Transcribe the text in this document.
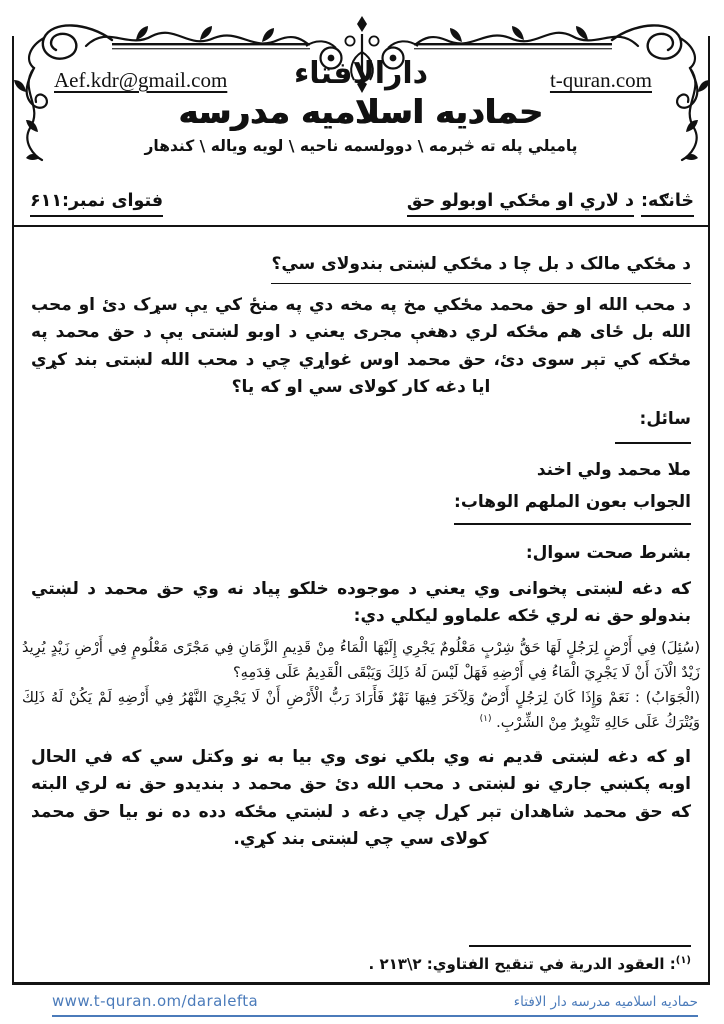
Aef.kdr@gmail.com	t-quran.com
دارالافتاء
حماديه اسلاميه مدرسه
پاميلي پله ته څېرمه \ دوولسمه ناحيه \ لويه وياله \ کندهار
څانګه:د لاري او مځکي اوبولو حق
فتوای نمبر:۶۱۱
د مځکي مالک د بل چا د مځکي لښتی بندولای سي؟

د محب الله او حق محمد مځکي مخ په مخه دي په منځ کي يې سړک دئ او محب الله بل ځای هم مځکه لري دهغې مجری يعني د اوبو لښتی يې د حق محمد په مځکه کي تېر سوی دئ، حق محمد اوس غواړي چي د محب الله لښتی بند کړي ايا دغه کار کولای سي او که يا؟

سائل:
ملا محمد ولي اخند
الجواب بعون الملهم الوهاب:
بشرط صحت سوال:

که دغه لښتی پخوانی وي يعني د موجوده خلکو پياد نه وي حق محمد د لښتي بندولو حق نه لري ځکه علماوو ليکلي دي:

(سُئِلَ) فِي أَرْضٍ لِرَجُلٍ لَهَا حَقُّ شِرْبٍ مَعْلُومٌ يَجْرِي إِلَيْهَا الْمَاءُ مِنْ قَدِيمِ الزَّمَانِ فِي مَجْرًى مَعْلُومٍ فِي أَرْضِ زَيْدٍ يُرِيدُ زَيْدٌ الْآنَ أَنْ لَا يَجْرِيَ الْمَاءُ فِي أَرْضِهِ فَهَلْ لَيْسَ لَهُ ذَلِكَ وَيَبْقَى الْقَدِيمُ عَلَى قِدَمِهِ؟

(الْجَوَابُ) : نَعَمْ وَإِذَا كَانَ لِرَجُلٍ أَرْضٌ وَلِآخَرَ فِيهَا نَهْرٌ فَأَرَادَ رَبُّ الْأَرْضِ أَنْ لَا يَجْرِيَ النَّهْرُ فِي أَرْضِهِ لَمْ يَكُنْ لَهُ ذَلِكَ وَيُتْرَكُ عَلَى حَالِهِ تَنْوِيرٌ مِنْ الشِّرْبِ. $^{(١)}$

او که دغه لښتی قديم نه وي بلکي نوی وي بيا به نو وکتل سي که في الحال اوبه پکښي جاري نو لښتی د محب الله دئ حق محمد د بنديدو حق نه لري البته که حق محمد شاهدان تېر کړل چي دغه د لښتي مځکه دده ده نو بيا حق محمد کولای سي چي لښتی بند کړي.

$^{(١)}$: العقود الدرية في تنقيح الفتاوي: ٢\٢١٣ .
www.t-quran.om/daralefta	حماديه اسلاميه مدرسه دار الافتاء
